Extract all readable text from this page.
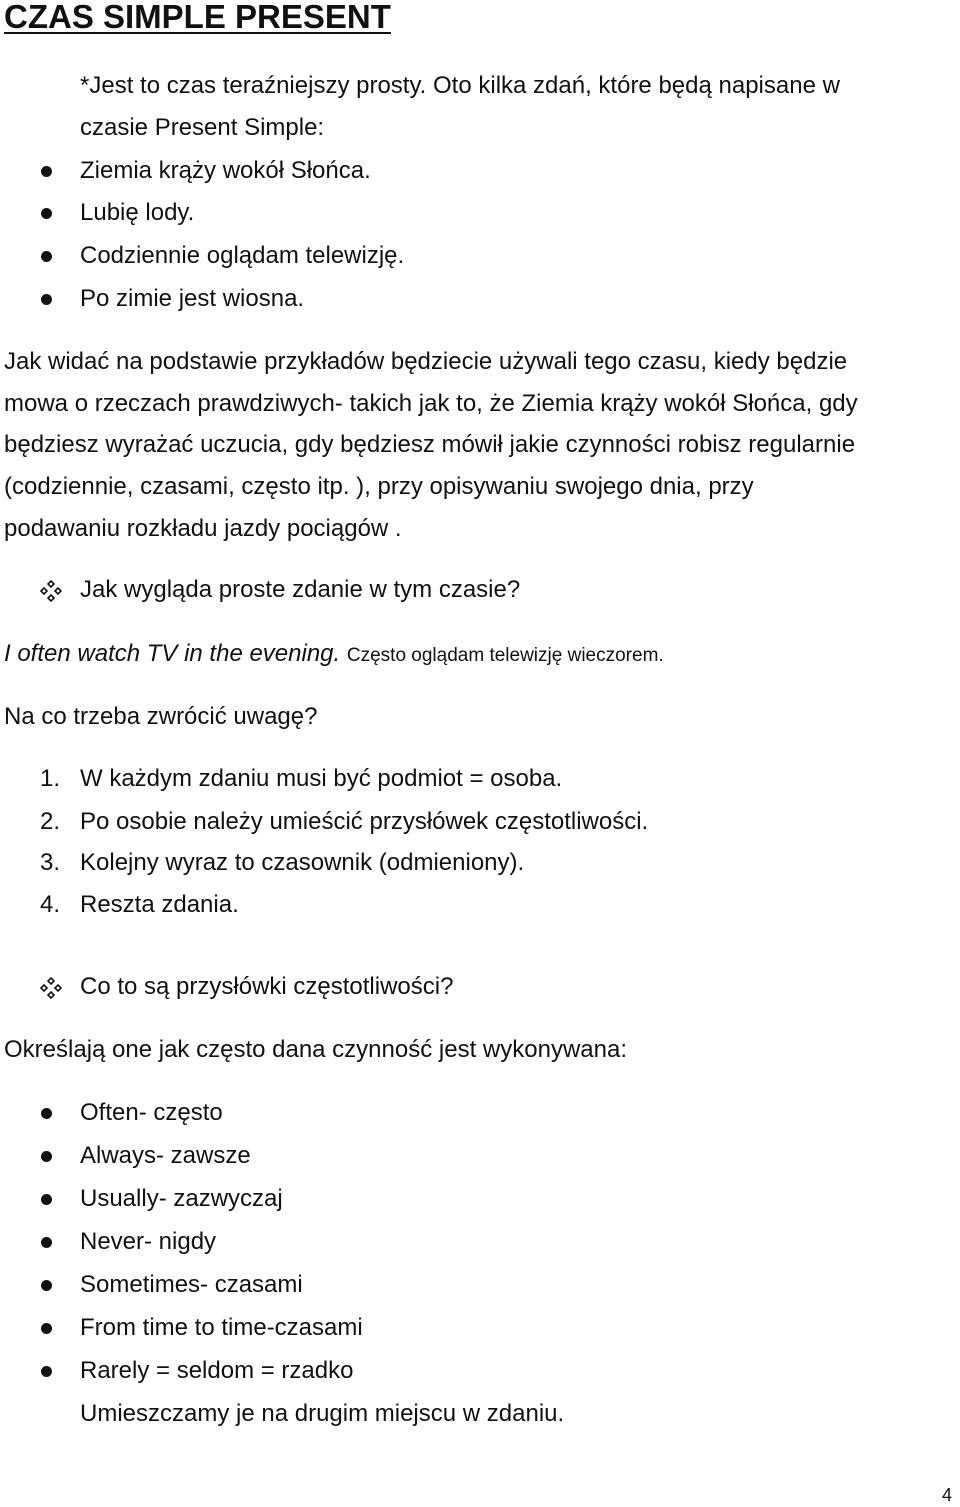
CZAS SIMPLE PRESENT
*Jest to czas teraźniejszy prosty. Oto kilka zdań, które będą napisane w
czasie Present Simple:
Ziemia krąży wokół Słońca.
Lubię lody.
Codziennie oglądam telewizję.
Po zimie jest wiosna.
Jak widać na podstawie przykładów będziecie używali tego czasu, kiedy będzie
mowa o rzeczach prawdziwych- takich jak to, że Ziemia krąży wokół Słońca, gdy
będziesz wyrażać uczucia, gdy będziesz mówił jakie czynności robisz regularnie
(codziennie, czasami, często itp. ), przy opisywaniu swojego dnia, przy
podawaniu rozkładu jazdy pociągów .
Jak wygląda proste zdanie w tym czasie?
I often watch TV in the evening. Często oglądam telewizję wieczorem.
Na co trzeba zwrócić uwagę?
1. W każdym zdaniu musi być podmiot = osoba.
2. Po osobie należy umieścić przysłówek częstotliwości.
3. Kolejny wyraz to czasownik (odmieniony).
4. Reszta zdania.
Co to są przysłówki częstotliwości?
Określają one jak często dana czynność jest wykonywana:
Often- często
Always- zawsze
Usually- zazwyczaj
Never- nigdy
Sometimes- czasami
From time to time-czasami
Rarely = seldom = rzadko
Umieszczamy je na drugim miejscu w zdaniu.
4
